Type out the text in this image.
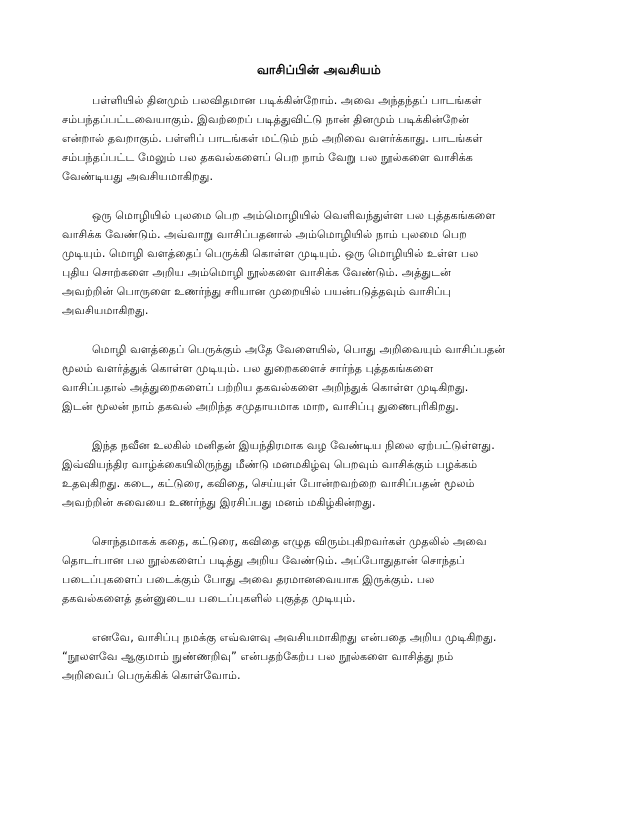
வாசிப்பின் அவசியம்
பள்ளியில் தினமும் பலவிதமான படிக்கின்றோம். அவை அந்தந்தப் பாடங்கள்
சம்பந்தப்பட்டவையாகும். இவற்றைப் படித்துவிட்டு நான் தினமும் படிக்கின்றேன்
என்றால் தவறாகும். பள்ளிப் பாடங்கள் மட்டும் நம் அறிவை வளர்க்காது. பாடங்கள்
சம்பந்தப்பட்ட மேலும் பல தகவல்களைப் பெற நாம் வேறு பல நூல்களை வாசிக்க
வேண்டியது அவசியமாகிறது.
ஒரு மொழியில் புலமை பெற அம்மொழியில் வெளிவந்துள்ள பல புத்தகங்களை
வாசிக்க வேண்டும். அவ்வாறு வாசிப்பதனால் அம்மொழியில் நாம் புலமை பெற
முடியும். மொழி வளத்தைப் பெருக்கி கொள்ள முடியும். ஒரு மொழியில் உள்ள பல
புதிய சொற்களை அறிய அம்மொழி நூல்களை வாசிக்க வேண்டும். அத்துடன்
அவற்றின் பொருளை உணர்ந்து சரியான முறையில் பயன்படுத்தவும் வாசிப்பு
அவசியமாகிறது.
மொழி வளத்தைப் பெருக்கும் அதே வேளையில், பொது அறிவையும் வாசிப்பதன்
மூலம் வளர்த்துக் கொள்ள முடியும். பல துறைகளைச் சார்ந்த புத்தகங்களை
வாசிப்பதால் அத்துறைகளைப் பற்றிய தகவல்களை அறிந்துக் கொள்ள முடிகிறது.
இடன் மூலன் நாம் தகவல் அறிந்த சமுதாயமாக மாற, வாசிப்பு துணைபுரிகிறது.
இந்த நவீன உலகில் மனிதன் இயந்திரமாக வழ வேண்டிய நிலை ஏற்பட்டுள்ளது.
இவ்வியந்திர வாழ்க்கையிலிருந்து மீண்டு மனமகிழ்வு பெறவும் வாசிக்கும் பழக்கம்
உதவுகிறது. கடை, கட்டுரை, கவிதை, செய்யுள் போன்றவற்றை வாசிப்பதன் மூலம்
அவற்றின் சுவையை உணர்ந்து இரசிப்பது மனம் மகிழ்கின்றது.
சொந்தமாகக் கதை, கட்டுரை, கவிதை எழுத விரும்புகிறவர்கள் முதலில் அவை
தொடர்பான பல நூல்களைப் படித்து அறிய வேண்டும். அப்போதுதான் சொந்தப்
படைப்புகளைப் படைக்கும் போது அவை தரமானவையாக இருக்கும். பல
தகவல்களைத் தன்னுடைய படைப்புகளில் புகுத்த முடியும்.
எனவே, வாசிப்பு நமக்கு எவ்வளவு அவசியமாகிறது என்பதை அறிய முடிகிறது.
“நூலளவே ஆகுமாம் நுண்ணறிவு” என்பதற்கேற்ப பல நூல்களை வாசித்து நம்
அறிவைப் பெருக்கிக் கொள்வோம்.
